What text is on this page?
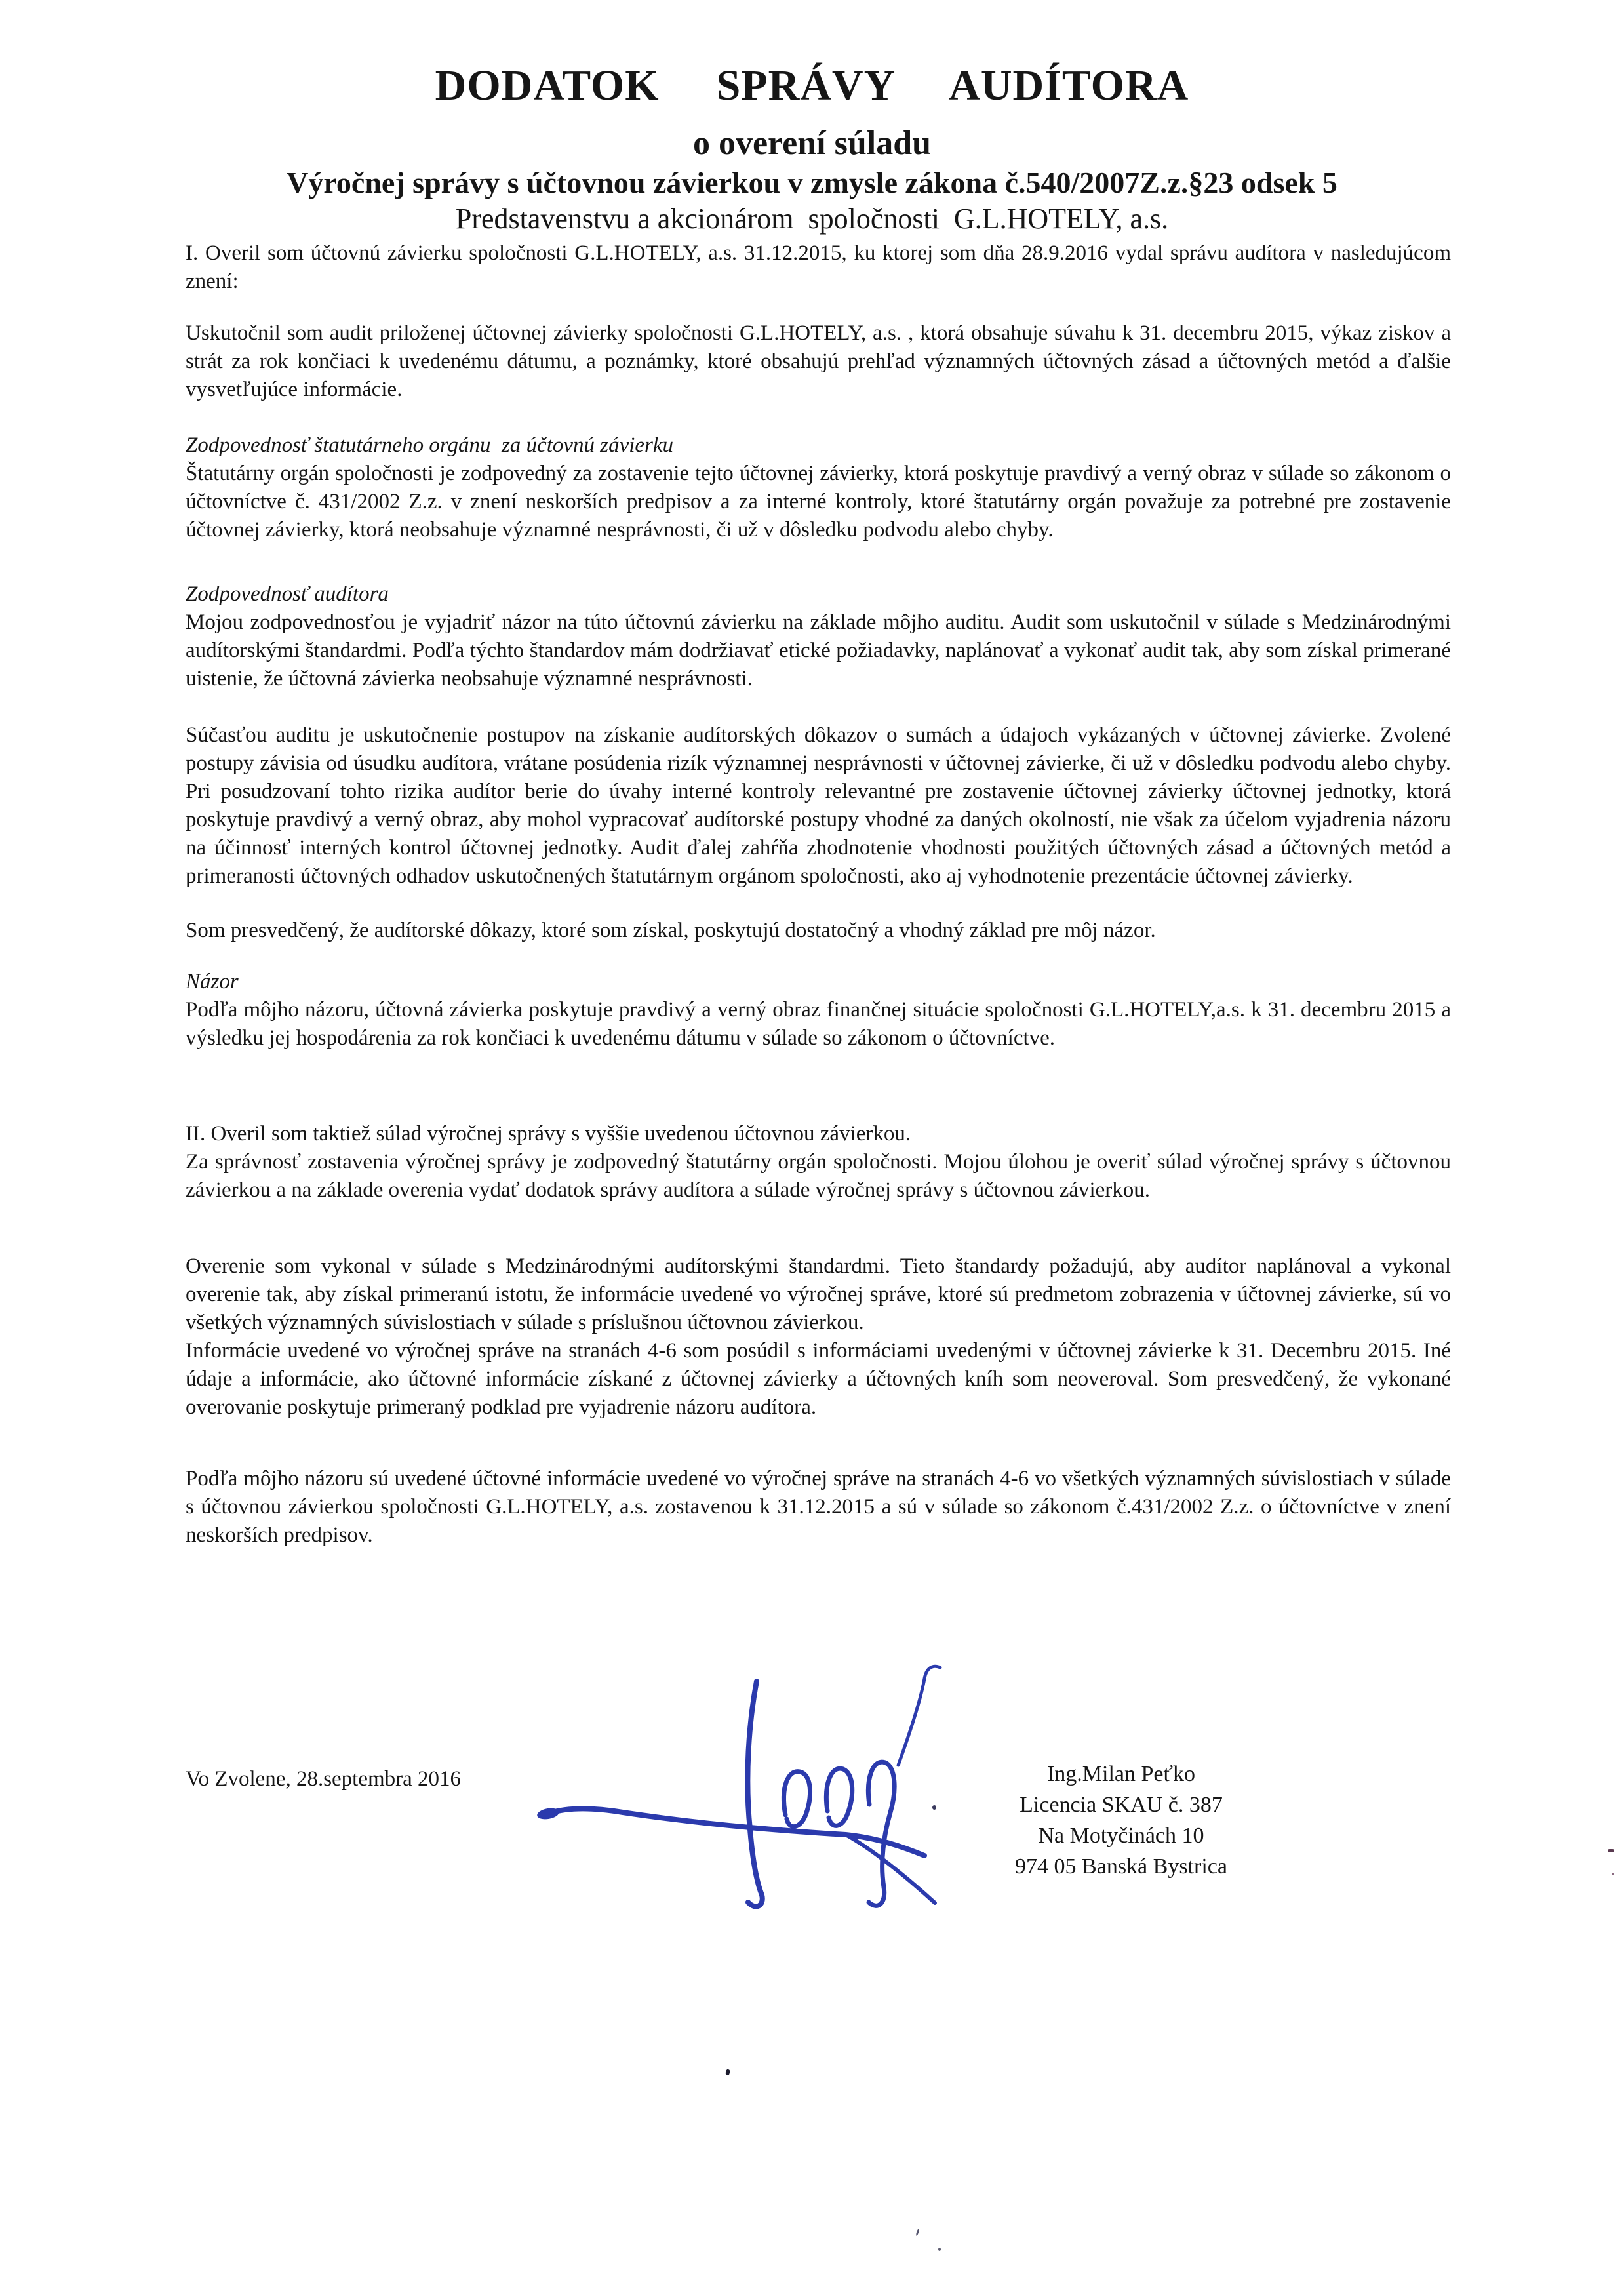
DODATOK  SPRÁVY  AUDÍTORA
o overení súladu
Výročnej správy s účtovnou závierkou v zmysle zákona č.540/2007Z.z.§23 odsek 5
Predstavenstvu a akcionárom  spoločnosti  G.L.HOTELY, a.s.

I. Overil som účtovnú závierku spoločnosti G.L.HOTELY, a.s. 31.12.2015, ku ktorej som dňa 28.9.2016 vydal správu audítora v nasledujúcom znení:

Uskutočnil som audit priloženej účtovnej závierky spoločnosti G.L.HOTELY, a.s. , ktorá obsahuje súvahu k 31. decembru 2015, výkaz ziskov a strát za rok končiaci k uvedenému dátumu, a poznámky, ktoré obsahujú prehľad významných účtovných zásad a účtovných metód a ďalšie vysvetľujúce informácie.

Zodpovednosť štatutárneho orgánu  za účtovnú závierku

Štatutárny orgán spoločnosti je zodpovedný za zostavenie tejto účtovnej závierky, ktorá poskytuje pravdivý a verný obraz v súlade so zákonom o účtovníctve č. 431/2002 Z.z. v znení neskorších predpisov a za interné kontroly, ktoré štatutárny orgán považuje za potrebné pre zostavenie účtovnej závierky, ktorá neobsahuje významné nesprávnosti, či už v dôsledku podvodu alebo chyby.

Zodpovednosť audítora

Mojou zodpovednosťou je vyjadriť názor na túto účtovnú závierku na základe môjho auditu. Audit som uskutočnil v súlade s Medzinárodnými audítorskými štandardmi. Podľa týchto štandardov mám dodržiavať etické požiadavky, naplánovať a vykonať audit tak, aby som získal primerané uistenie, že účtovná závierka neobsahuje významné nesprávnosti.

Súčasťou auditu je uskutočnenie postupov na získanie audítorských dôkazov o sumách a údajoch vykázaných v účtovnej závierke. Zvolené postupy závisia od úsudku audítora, vrátane posúdenia rizík významnej nesprávnosti v účtovnej závierke, či už v dôsledku podvodu alebo chyby. Pri posudzovaní tohto rizika audítor berie do úvahy interné kontroly relevantné pre zostavenie účtovnej závierky účtovnej jednotky, ktorá poskytuje pravdivý a verný obraz, aby mohol vypracovať audítorské postupy vhodné za daných okolností, nie však za účelom vyjadrenia názoru na účinnosť interných kontrol účtovnej jednotky. Audit ďalej zahŕňa zhodnotenie vhodnosti použitých účtovných zásad a účtovných metód a primeranosti účtovných odhadov uskutočnených štatutárnym orgánom spoločnosti, ako aj vyhodnotenie prezentácie účtovnej závierky.

Som presvedčený, že audítorské dôkazy, ktoré som získal, poskytujú dostatočný a vhodný základ pre môj názor.

Názor

Podľa môjho názoru, účtovná závierka poskytuje pravdivý a verný obraz finančnej situácie spoločnosti G.L.HOTELY,a.s. k 31. decembru 2015 a výsledku jej hospodárenia za rok končiaci k uvedenému dátumu v súlade so zákonom o účtovníctve.

II. Overil som taktiež súlad výročnej správy s vyššie uvedenou účtovnou závierkou.

Za správnosť zostavenia výročnej správy je zodpovedný štatutárny orgán spoločnosti. Mojou úlohou je overiť súlad výročnej správy s účtovnou závierkou a na základe overenia vydať dodatok správy audítora a súlade výročnej správy s účtovnou závierkou.

Overenie som vykonal v súlade s Medzinárodnými audítorskými štandardmi. Tieto štandardy požadujú, aby audítor naplánoval a vykonal overenie tak, aby získal primeranú istotu, že informácie uvedené vo výročnej správe, ktoré sú predmetom zobrazenia v účtovnej závierke, sú vo všetkých významných súvislostiach v súlade s príslušnou účtovnou závierkou.

Informácie uvedené vo výročnej správe na stranách 4-6 som posúdil s informáciami uvedenými v účtovnej závierke k 31. Decembru 2015. Iné údaje a informácie, ako účtovné informácie získané z účtovnej závierky a účtovných kníh som neoveroval. Som presvedčený, že vykonané overovanie poskytuje primeraný podklad pre vyjadrenie názoru audítora.

Podľa môjho názoru sú uvedené účtovné informácie uvedené vo výročnej správe na stranách 4-6 vo všetkých významných súvislostiach v súlade s účtovnou závierkou spoločnosti G.L.HOTELY, a.s. zostavenou k 31.12.2015 a sú v súlade so zákonom č.431/2002 Z.z. o účtovníctve v znení neskorších predpisov.

Vo Zvolene, 28.septembra 2016	Ing.Milan Peťko
Licencia SKAU č. 387
Na Motyčinách 10
974 05 Banská Bystrica
